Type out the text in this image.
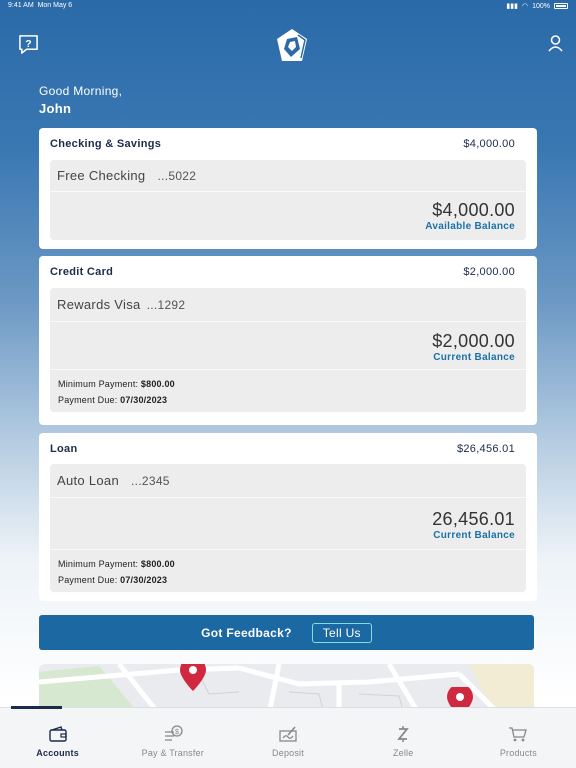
9:41 AM Mon May 6	▮▮▮ ◠ 100%
?
Good Morning,
John
Checking & Savings	$4,000.00
Free Checking ...5022
$4,000.00
Available Balance
Credit Card	$2,000.00
Rewards Visa ...1292
$2,000.00
Current Balance
Minimum Payment: $800.00
Payment Due: 07/30/2023
Loan	$26,456.01
Auto Loan ...2345
26,456.01
Current Balance
Minimum Payment: $800.00
Payment Due: 07/30/2023
Got Feedback?	Tell Us
Accounts
$
Pay & Transfer	Deposit	Zelle	Products
